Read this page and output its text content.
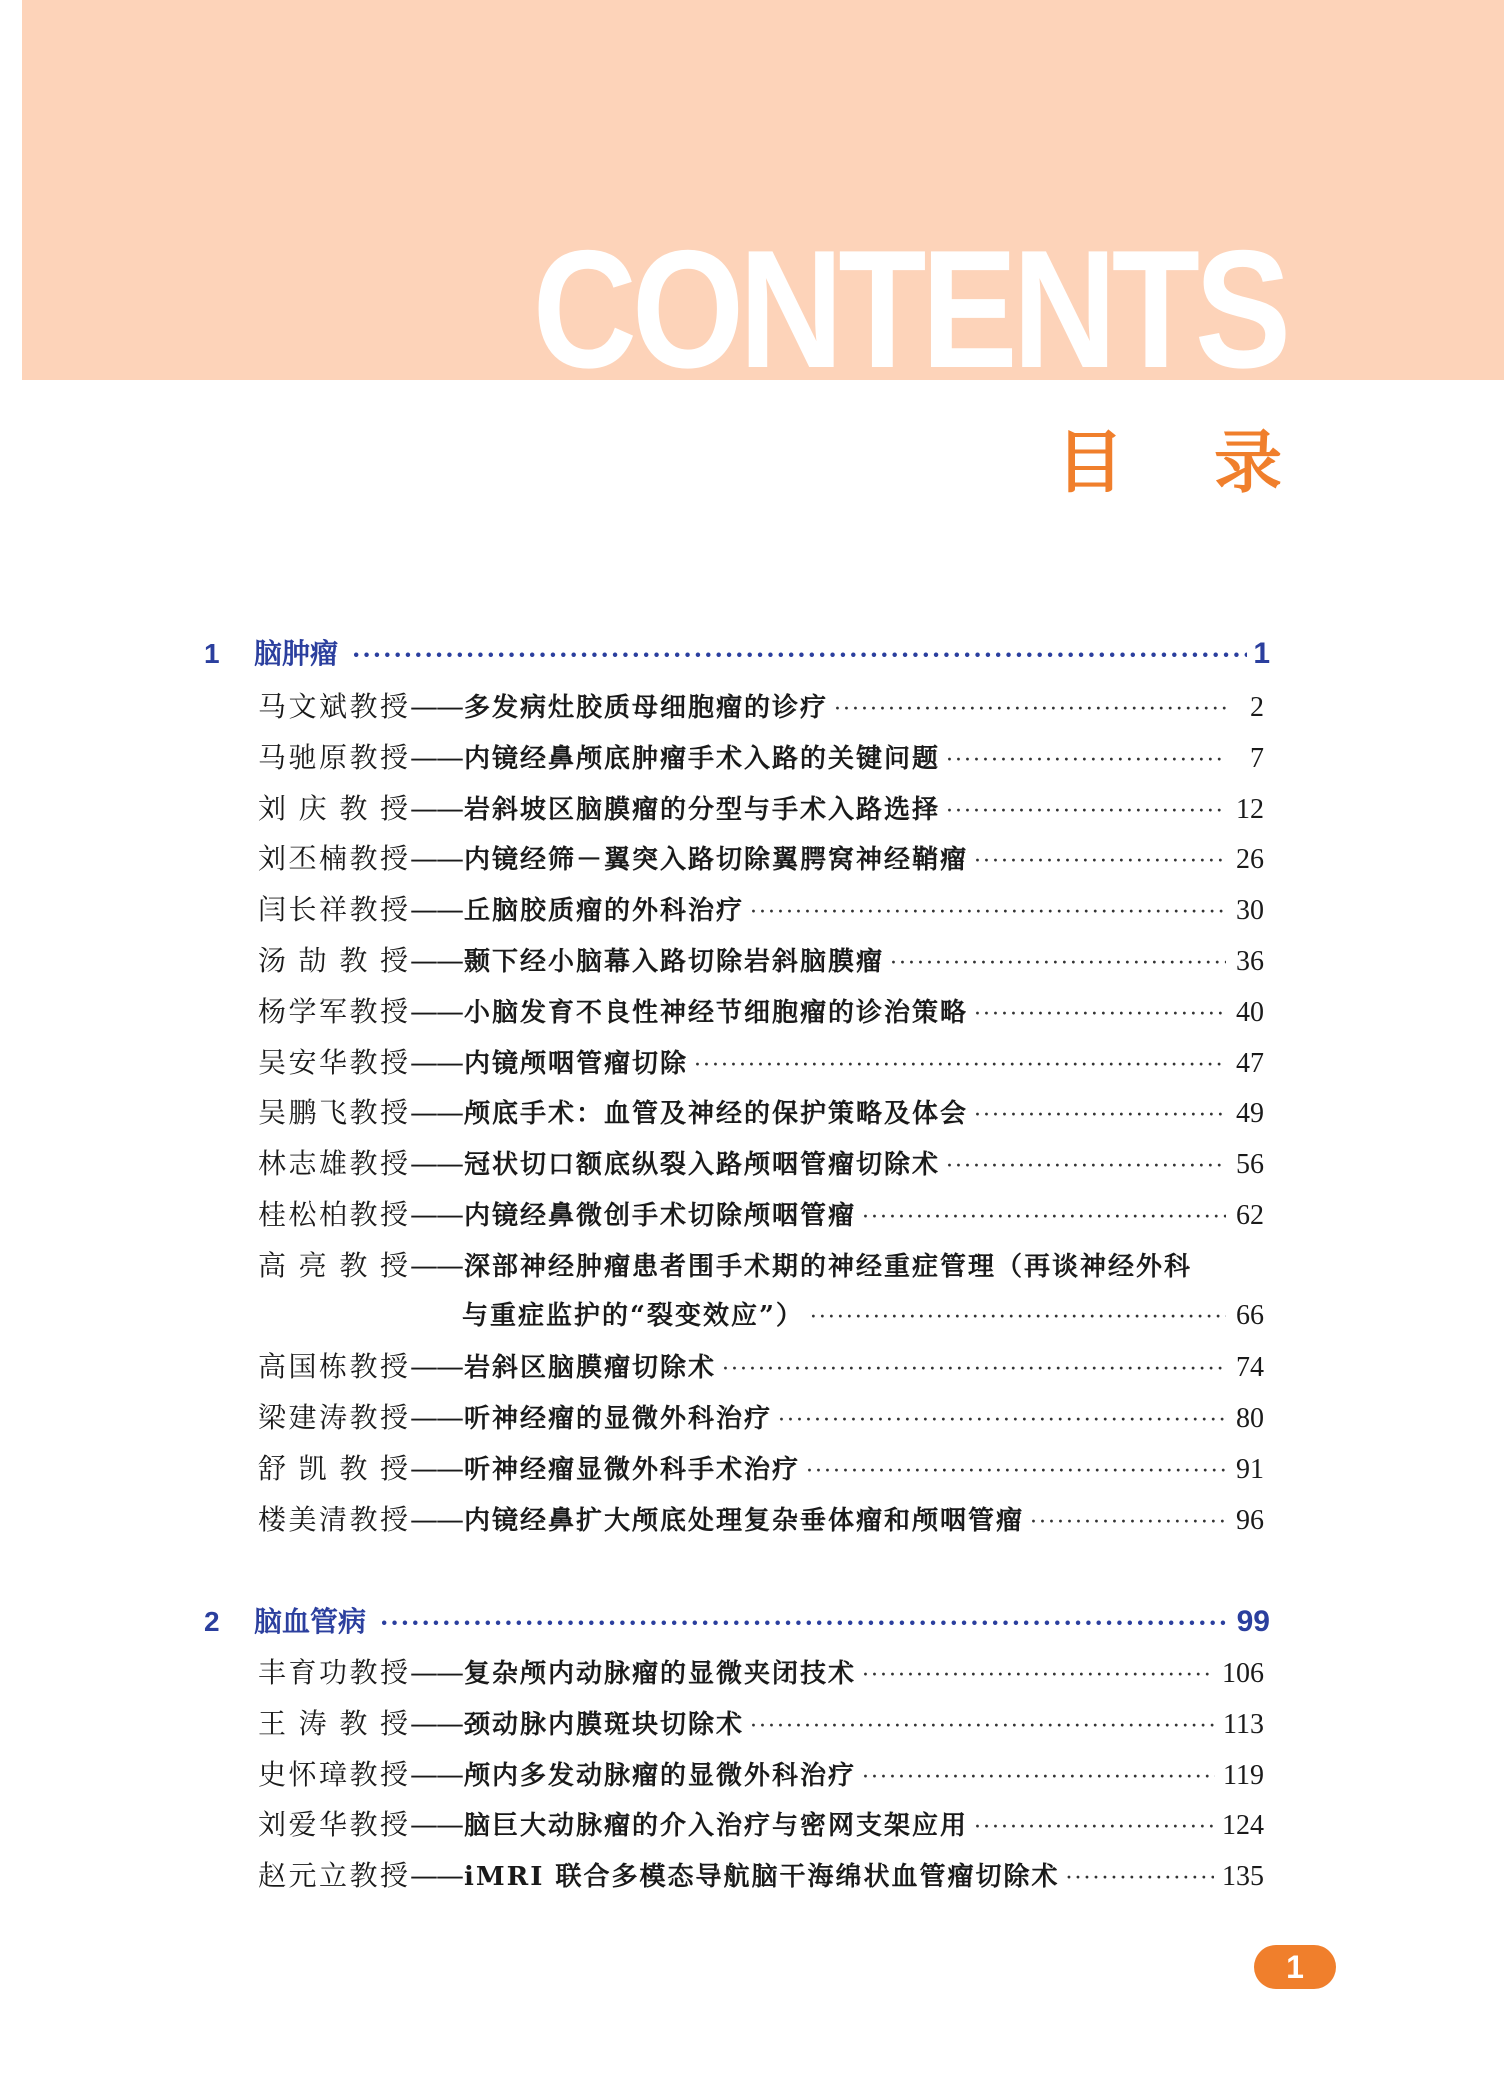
CONTENTS
目录
1	脑肿瘤 ·····	1
马文斌教授 —— 多发病灶胶质母细胞瘤的诊疗 ·····	2
马驰原教授 —— 内镜经鼻颅底肿瘤手术入路的关键问题 ·····	7
刘庆教授 —— 岩斜坡区脑膜瘤的分型与手术入路选择 ·····	12
刘丕楠教授 —— 内镜经筛－翼突入路切除翼腭窝神经鞘瘤 ·····	26
闫长祥教授 —— 丘脑胶质瘤的外科治疗 ·····	30
汤劼教授 —— 颞下经小脑幕入路切除岩斜脑膜瘤 ·····	36
杨学军教授 —— 小脑发育不良性神经节细胞瘤的诊治策略 ·····	40
吴安华教授 —— 内镜颅咽管瘤切除 ·····	47
吴鹏飞教授 —— 颅底手术：血管及神经的保护策略及体会 ·····	49
林志雄教授 —— 冠状切口额底纵裂入路颅咽管瘤切除术 ·····	56
桂松柏教授 —— 内镜经鼻微创手术切除颅咽管瘤 ·····	62
高亮教授 —— 深部神经肿瘤患者围手术期的神经重症管理（再谈神经外科
与重症监护的“裂变效应”） ·····	66
高国栋教授 —— 岩斜区脑膜瘤切除术 ·····	74
梁建涛教授 —— 听神经瘤的显微外科治疗 ·····	80
舒凯教授 —— 听神经瘤显微外科手术治疗 ·····	91
楼美清教授 —— 内镜经鼻扩大颅底处理复杂垂体瘤和颅咽管瘤 ·····	96
2	脑血管病 ·····	99
丰育功教授 —— 复杂颅内动脉瘤的显微夹闭技术 ·····	106
王涛教授 —— 颈动脉内膜斑块切除术 ·····	113
史怀璋教授 —— 颅内多发动脉瘤的显微外科治疗 ·····	119
刘爱华教授 —— 脑巨大动脉瘤的介入治疗与密网支架应用 ·····	124
赵元立教授 —— iMRI 联合多模态导航脑干海绵状血管瘤切除术 ·····	135
1
